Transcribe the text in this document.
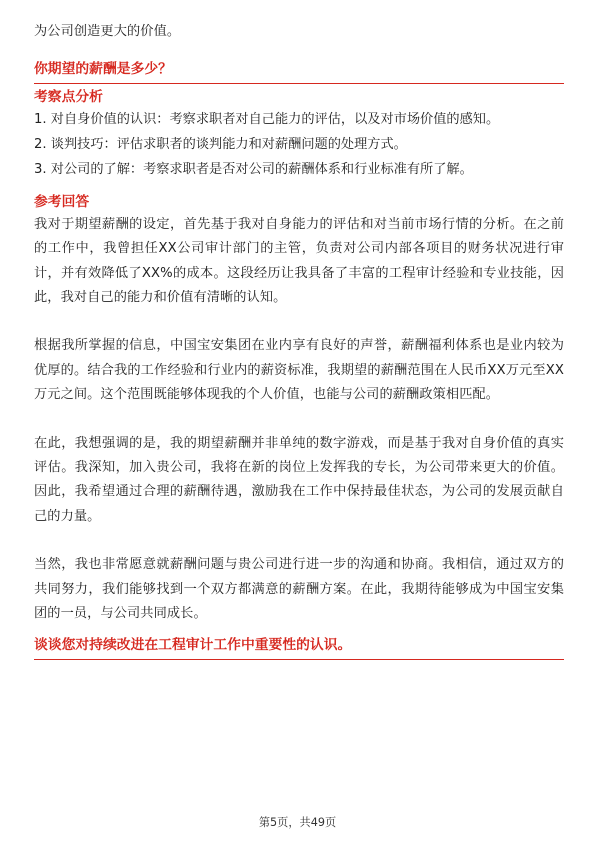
为公司创造更大的价值。

你期望的薪酬是多少？

考察点分析

1. 对自身价值的认识：考察求职者对自己能力的评估，以及对市场价值的感知。

2. 谈判技巧：评估求职者的谈判能力和对薪酬问题的处理方式。

3. 对公司的了解：考察求职者是否对公司的薪酬体系和行业标准有所了解。

参考回答

我对于期望薪酬的设定，首先基于我对自身能力的评估和对当前市场行情的分析。在之前的工作中，我曾担任XX公司审计部门的主管，负责对公司内部各项目的财务状况进行审计，并有效降低了XX%的成本。这段经历让我具备了丰富的工程审计经验和专业技能，因此，我对自己的能力和价值有清晰的认知。

根据我所掌握的信息，中国宝安集团在业内享有良好的声誉，薪酬福利体系也是业内较为优厚的。结合我的工作经验和行业内的薪资标准，我期望的薪酬范围在人民币XX万元至XX万元之间。这个范围既能够体现我的个人价值，也能与公司的薪酬政策相匹配。

在此，我想强调的是，我的期望薪酬并非单纯的数字游戏，而是基于我对自身价值的真实评估。我深知，加入贵公司，我将在新的岗位上发挥我的专长，为公司带来更大的价值。因此，我希望通过合理的薪酬待遇，激励我在工作中保持最佳状态，为公司的发展贡献自己的力量。

当然，我也非常愿意就薪酬问题与贵公司进行进一步的沟通和协商。我相信，通过双方的共同努力，我们能够找到一个双方都满意的薪酬方案。在此，我期待能够成为中国宝安集团的一员，与公司共同成长。

谈谈您对持续改进在工程审计工作中重要性的认识。

第5页，共49页
